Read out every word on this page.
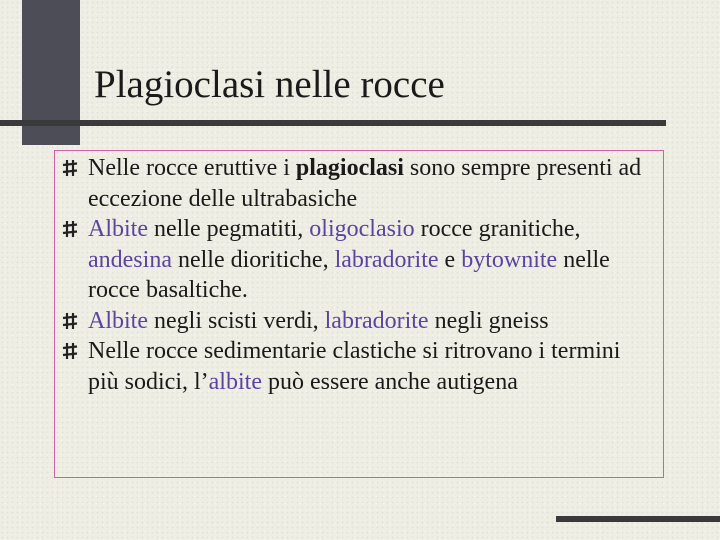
Plagioclasi nelle rocce
Nelle rocce eruttive i plagioclasi sono sempre presenti ad eccezione delle ultrabasiche
Albite nelle pegmatiti, oligoclasio rocce granitiche, andesina nelle dioritiche, labradorite e bytownite nelle rocce basaltiche.
Albite negli scisti verdi, labradorite negli gneiss
Nelle rocce sedimentarie clastiche si ritrovano i termini più sodici, l’albite può essere anche autigena
